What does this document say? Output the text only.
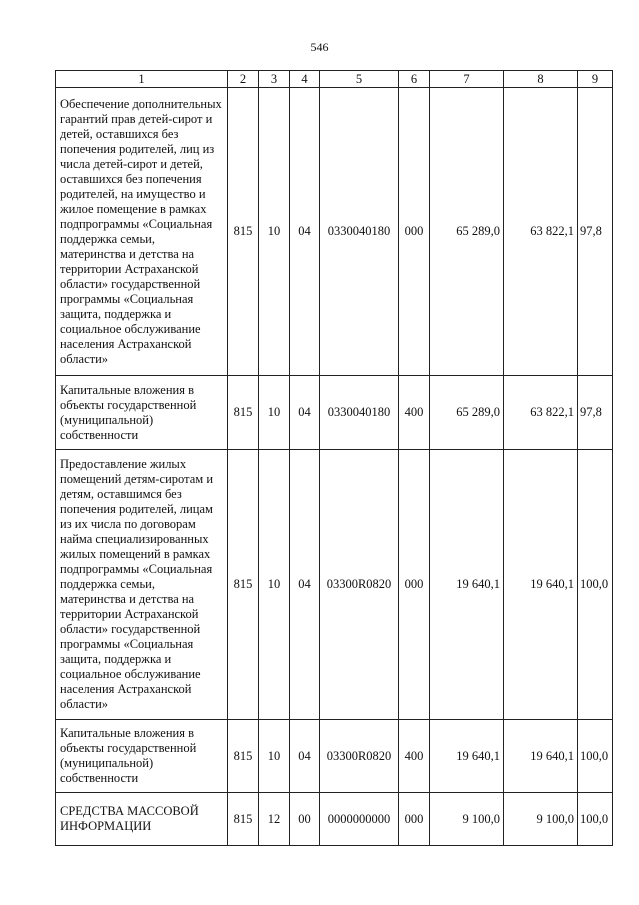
546
1	2	3	4	5	6	7	8	9
Обеспечение дополнительных гарантий прав детей-сирот и детей, оставшихся без попечения родителей, лиц из числа детей-сирот и детей, оставшихся без попечения родителей, на имущество и жилое помещение в рамках подпрограммы «Социальная поддержка семьи, материнства и детства на территории Астраханской области» государственной программы «Социальная защита, поддержка и социальное обслуживание населения Астраханской области»	815	10	04	0330040180	000	65 289,0	63 822,1	97,8
Капитальные вложения в объекты государственной (муниципальной) собственности	815	10	04	0330040180	400	65 289,0	63 822,1	97,8
Предоставление жилых помещений детям-сиротам и детям, оставшимся без попечения родителей, лицам из их числа по договорам найма специализированных жилых помещений в рамках подпрограммы «Социальная поддержка семьи, материнства и детства на территории Астраханской области» государственной программы «Социальная защита, поддержка и социальное обслуживание населения Астраханской области»	815	10	04	03300R0820	000	19 640,1	19 640,1	100,0
Капитальные вложения в объекты государственной (муниципальной) собственности	815	10	04	03300R0820	400	19 640,1	19 640,1	100,0
СРЕДСТВА МАССОВОЙ ИНФОРМАЦИИ	815	12	00	0000000000	000	9 100,0	9 100,0	100,0
